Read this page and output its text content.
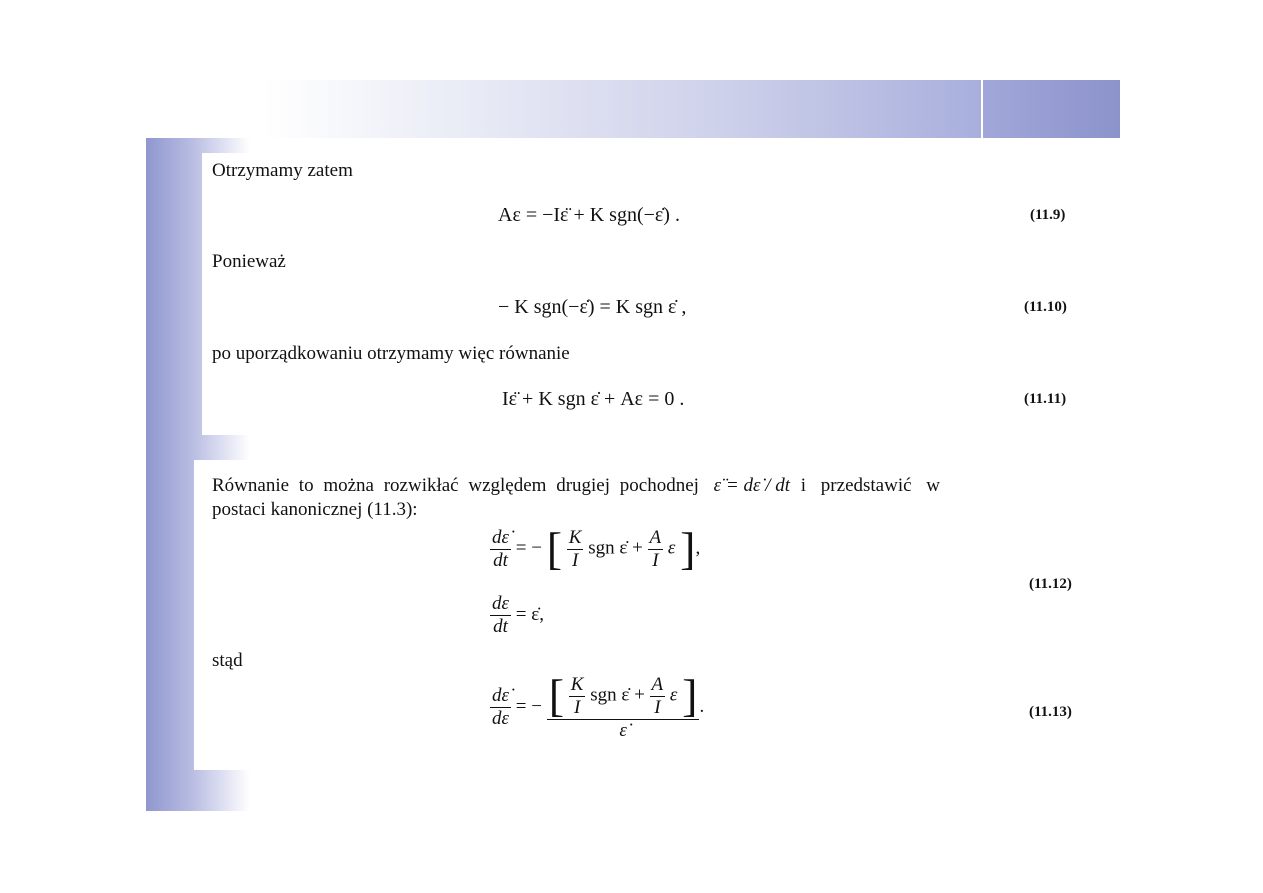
Otrzymamy zatem
Aε = −Iε̈ + K sgn(−ε̇) .	(11.9)
Ponieważ
− K sgn(−ε̇) = K sgn ε̇ ,	(11.10)
po uporządkowaniu otrzymamy więc równanie
Iε̈ + K sgn ε̇ + Aε = 0 .	(11.11)
Równanie to można rozwikłać względem drugiej pochodnej ε̈ = dε̇ / dt i przedstawić w
postaci kanonicznej (11.3):
$\frac{d\varepsiloṅ}{dt}$ = − [ $\frac{K}{I}$ sgn ε̇ + $\frac{A}{I}$ ε ],
$\frac{d\varepsilon}{dt}$ = ε̇,
(11.12)
stąd
$\frac{d\varepsiloṅ}{d\varepsilon}$ = − [ $\frac{K}{I}$ sgn ε̇ + $\frac{A}{I}$ ε ]
ε̇
.	(11.13)
